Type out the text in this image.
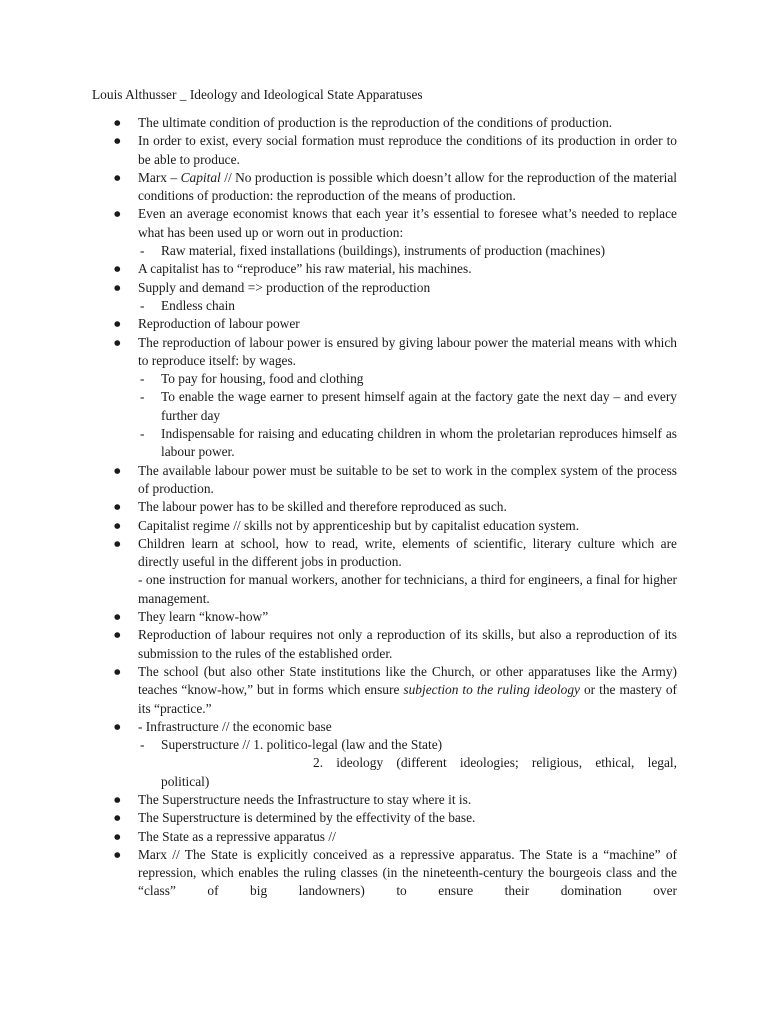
Louis Althusser _ Ideology and Ideological State Apparatuses
● The ultimate condition of production is the reproduction of the conditions of production.
● In order to exist, every social formation must reproduce the conditions of its production in order to be able to produce.
● Marx – Capital // No production is possible which doesn’t allow for the reproduction of the material conditions of production: the reproduction of the means of production.
● Even an average economist knows that each year it’s essential to foresee what’s needed to replace what has been used up or worn out in production:
- Raw material, fixed installations (buildings), instruments of production (machines)
● A capitalist has to “reproduce” his raw material, his machines.
● Supply and demand => production of the reproduction
- Endless chain
● Reproduction of labour power
● The reproduction of labour power is ensured by giving labour power the material means with which to reproduce itself: by wages.
- To pay for housing, food and clothing
- To enable the wage earner to present himself again at the factory gate the next day – and every further day
- Indispensable for raising and educating children in whom the proletarian reproduces himself as labour power.
● The available labour power must be suitable to be set to work in the complex system of the process of production.
● The labour power has to be skilled and therefore reproduced as such.
● Capitalist regime // skills not by apprenticeship but by capitalist education system.
● Children learn at school, how to read, write, elements of scientific, literary culture which are directly useful in the different jobs in production.
- one instruction for manual workers, another for technicians, a third for engineers, a final for higher management.
● They learn “know-how”
● Reproduction of labour requires not only a reproduction of its skills, but also a reproduction of its submission to the rules of the established order.
● The school (but also other State institutions like the Church, or other apparatuses like the Army) teaches “know-how,” but in forms which ensure subjection to the ruling ideology or the mastery of its “practice.”
● - Infrastructure // the economic base
- Superstructure // 1. politico-legal (law and the State)
2. ideology (different ideologies; religious, ethical, legal,
political)
● The Superstructure needs the Infrastructure to stay where it is.
● The Superstructure is determined by the effectivity of the base.
● The State as a repressive apparatus //
● Marx // The State is explicitly conceived as a repressive apparatus. The State is a “machine” of repression, which enables the ruling classes (in the nineteenth-century the bourgeois class and the “class” of big landowners) to ensure their domination over
